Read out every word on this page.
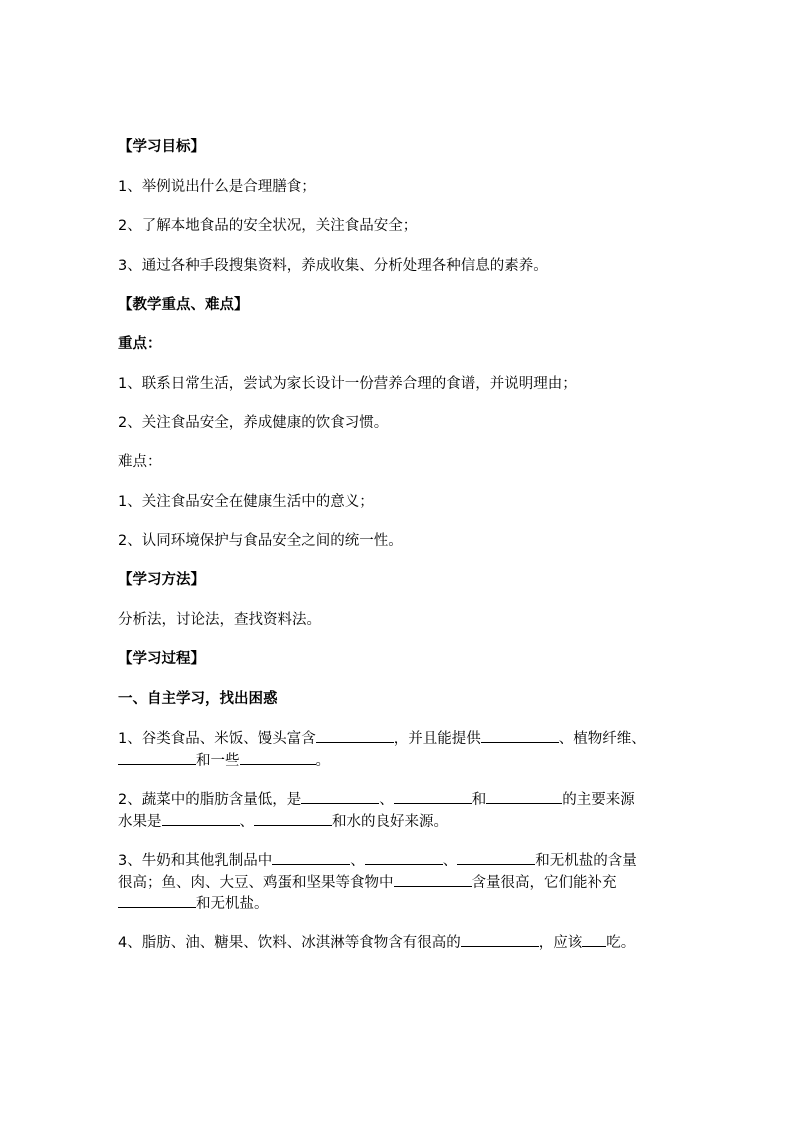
【学习目标】
1、举例说出什么是合理膳食；
2、了解本地食品的安全状况，关注食品安全；
3、通过各种手段搜集资料，养成收集、分析处理各种信息的素养。
【教学重点、难点】
重点：
1、联系日常生活，尝试为家长设计一份营养合理的食谱，并说明理由；
2、关注食品安全，养成健康的饮食习惯。
难点：
1、关注食品安全在健康生活中的意义；
2、认同环境保护与食品安全之间的统一性。
【学习方法】
分析法，讨论法，查找资料法。
【学习过程】
一、自主学习，找出困惑
1、谷类食品、米饭、馒头富含	，并且能提供	、植物纤维、
和一些	。
2、蔬菜中的脂肪含量低，是	、	和	的主要来源
水果是	、	和水的良好来源。
3、牛奶和其他乳制品中	、	、	和无机盐的含量
很高；鱼、肉、大豆、鸡蛋和坚果等食物中	含量很高，它们能补充
和无机盐。
4、脂肪、油、糖果、饮料、冰淇淋等食物含有很高的	，应该 吃。
